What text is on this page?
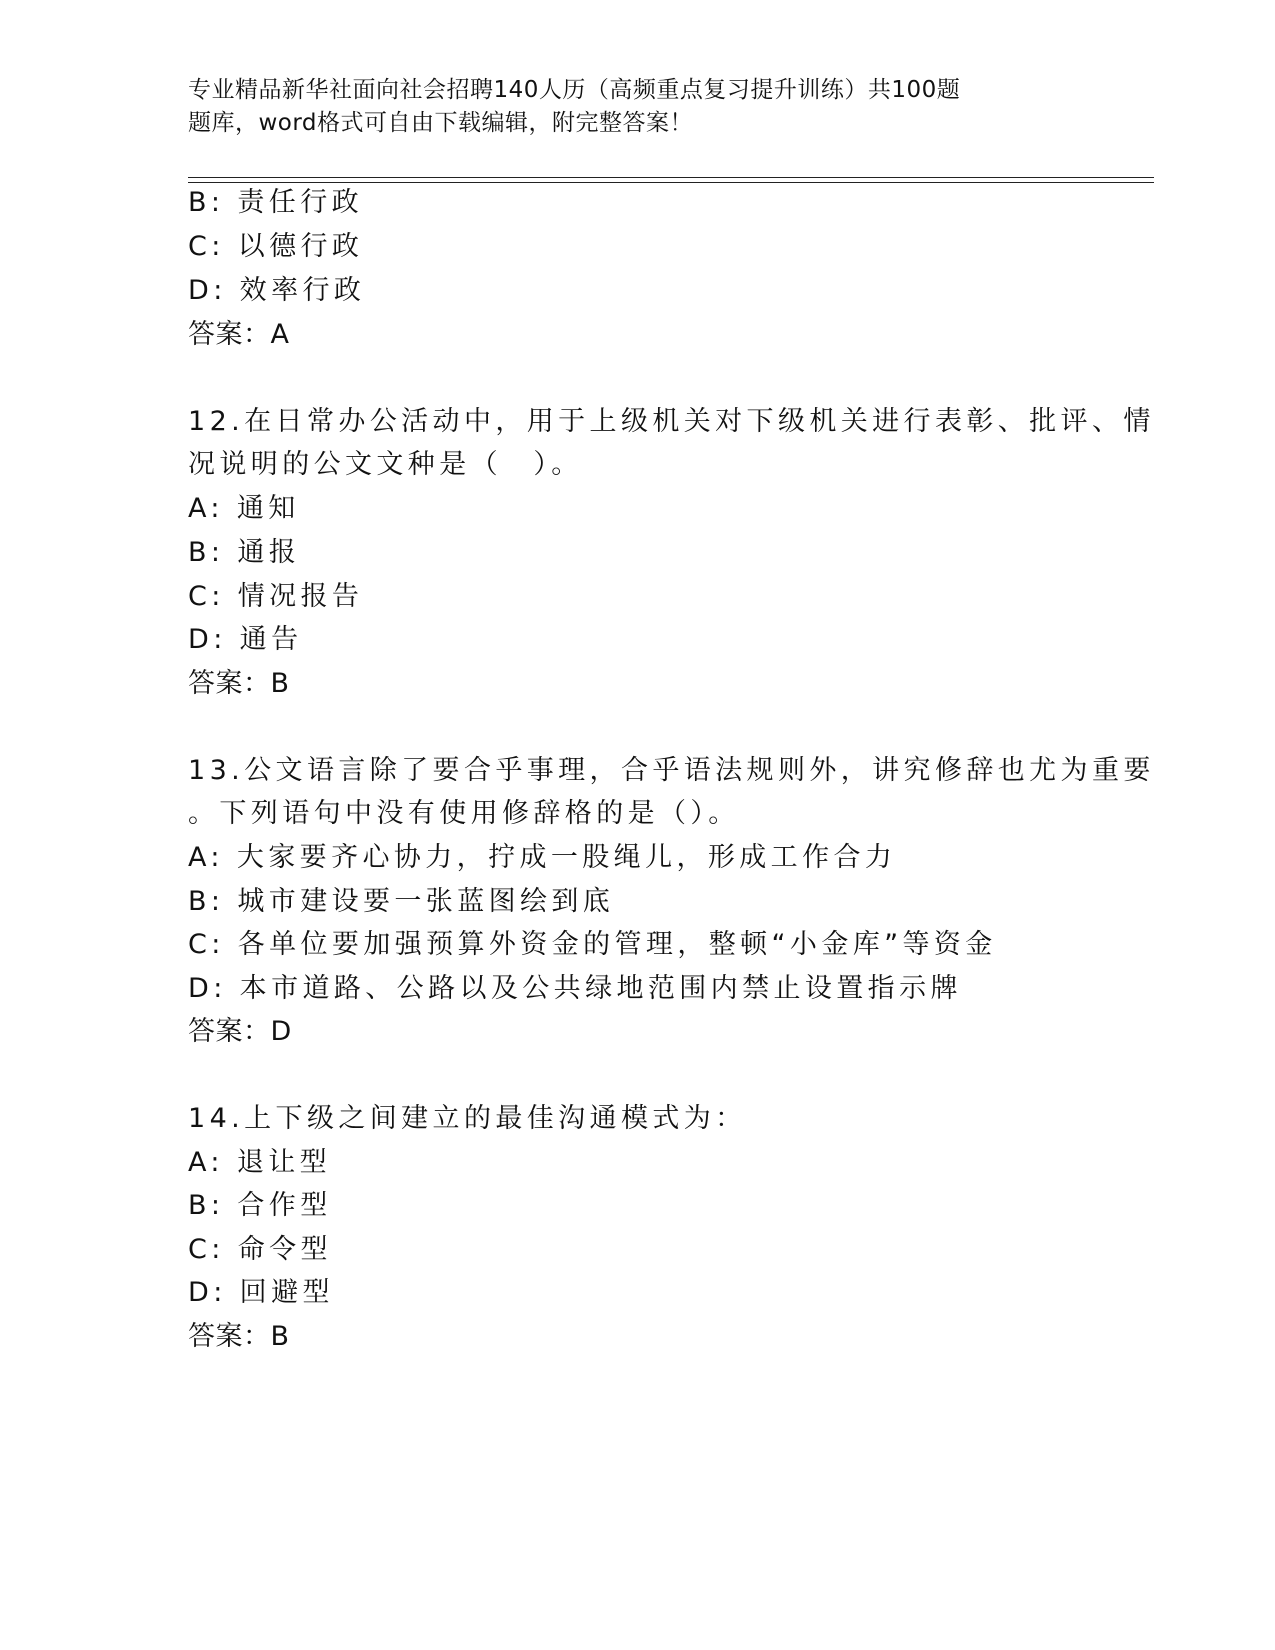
专业精品新华社面向社会招聘140人历（高频重点复习提升训练）共100题
题库，word格式可自由下载编辑，附完整答案！
B: 责任行政
C: 以德行政
D: 效率行政
答案：A
12.在日常办公活动中，用于上级机关对下级机关进行表彰、批评、情
况说明的公文文种是（　）。
A: 通知
B: 通报
C: 情况报告
D: 通告
答案：B
13.公文语言除了要合乎事理，合乎语法规则外，讲究修辞也尤为重要
。下列语句中没有使用修辞格的是（）。
A: 大家要齐心协力，拧成一股绳儿，形成工作合力
B: 城市建设要一张蓝图绘到底
C: 各单位要加强预算外资金的管理，整顿“小金库”等资金
D: 本市道路、公路以及公共绿地范围内禁止设置指示牌
答案：D
14.上下级之间建立的最佳沟通模式为：
A: 退让型
B: 合作型
C: 命令型
D: 回避型
答案：B
